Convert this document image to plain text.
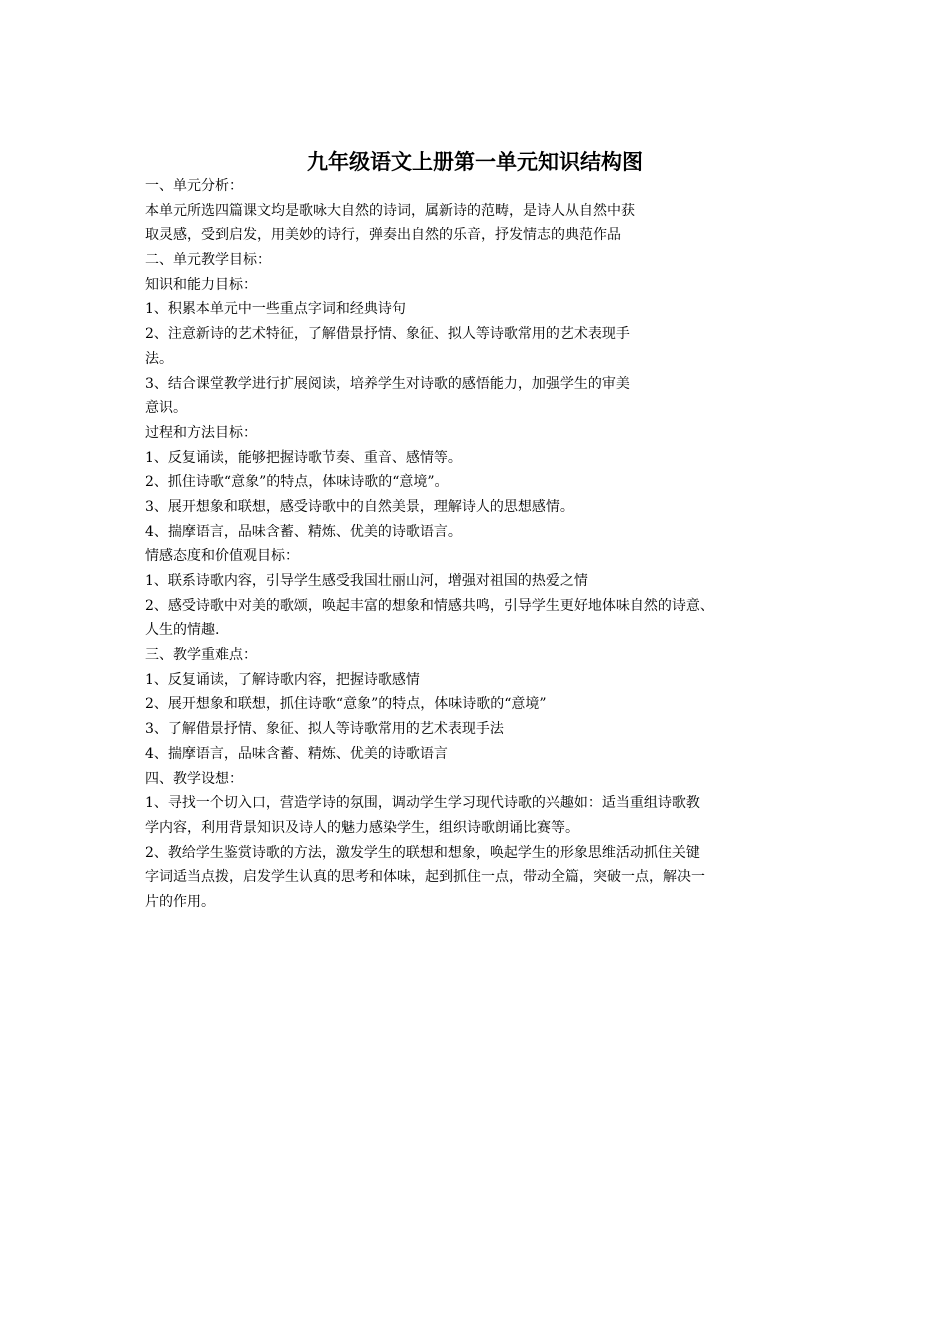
九年级语文上册第一单元知识结构图
一、单元分析：
本单元所选四篇课文均是歌咏大自然的诗词，属新诗的范畴，是诗人从自然中获
取灵感，受到启发，用美妙的诗行，弹奏出自然的乐音，抒发情志的典范作品
二、单元教学目标：
知识和能力目标：
1、积累本单元中一些重点字词和经典诗句
2、注意新诗的艺术特征，了解借景抒情、象征、拟人等诗歌常用的艺术表现手
法。
3、结合课堂教学进行扩展阅读，培养学生对诗歌的感悟能力，加强学生的审美
意识。
过程和方法目标：
1、反复诵读，能够把握诗歌节奏、重音、感情等。
2、抓住诗歌“意象”的特点，体味诗歌的“意境”。
3、展开想象和联想，感受诗歌中的自然美景，理解诗人的思想感情。
4、揣摩语言，品味含蓄、精炼、优美的诗歌语言。
情感态度和价值观目标：
1、联系诗歌内容，引导学生感受我国壮丽山河，增强对祖国的热爱之情
2、感受诗歌中对美的歌颂，唤起丰富的想象和情感共鸣，引导学生更好地体味自然的诗意、
人生的情趣.
三、教学重难点：
1、反复诵读，了解诗歌内容，把握诗歌感情
2、展开想象和联想，抓住诗歌“意象”的特点，体味诗歌的“意境”
3、了解借景抒情、象征、拟人等诗歌常用的艺术表现手法
4、揣摩语言，品味含蓄、精炼、优美的诗歌语言
四、教学设想：
1、寻找一个切入口，营造学诗的氛围，调动学生学习现代诗歌的兴趣如：适当重组诗歌教
学内容，利用背景知识及诗人的魅力感染学生，组织诗歌朗诵比赛等。
2、教给学生鉴赏诗歌的方法，激发学生的联想和想象，唤起学生的形象思维活动抓住关键
字词适当点拨，启发学生认真的思考和体味，起到抓住一点，带动全篇，突破一点，解决一
片的作用。
